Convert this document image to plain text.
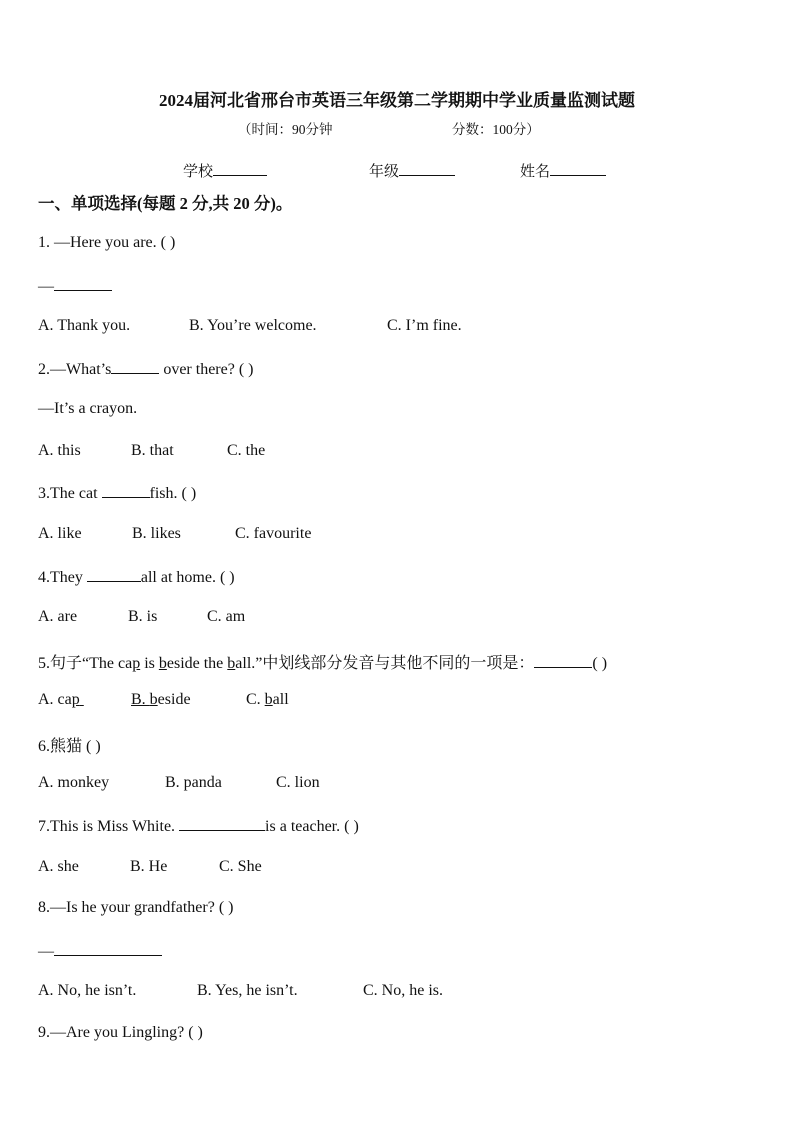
2024届河北省邢台市英语三年级第二学期期中学业质量监测试题
（时间：90分钟	分数：100分）
学校	年级	姓名
一、单项选择(每题 2 分,共 20 分)。
1. —Here you are. ( )
—
A. Thank you.	B. You’re welcome.	C. I’m fine.
2.—What’s	over there? ( )
—It’s a crayon.
A. this	B. that	C. the
3.The cat	fish. ( )
A. like	B. likes	C. favourite
4.They	all at home. ( )
A. are	B. is	C. am
5.句子“The cap is beside the ball.”中划线部分发音与其他不同的一项是：	( )
A. cap	B. beside	C. ball
6.熊猫 ( )
A. monkey	B. panda	C. lion
7.This is Miss White.	is a teacher. ( )
A. she	B. He	C. She
8.—Is he your grandfather? ( )
—
A. No, he isn’t.	B. Yes, he isn’t.	C. No, he is.
9.—Are you Lingling? ( )
